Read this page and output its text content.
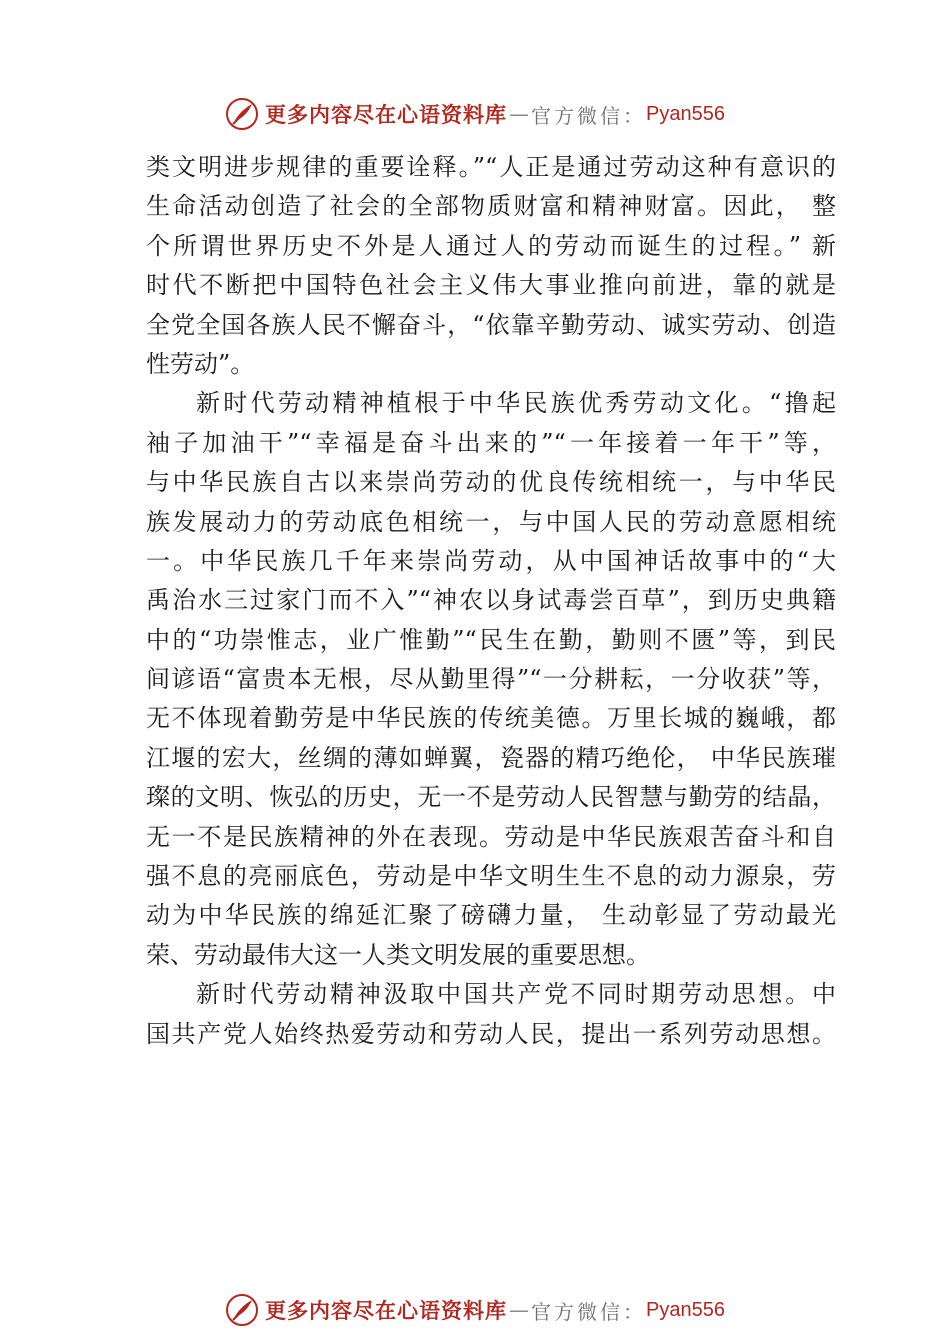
更多内容尽在心语资料库 — 官方微信： Pyan556
类文明进步规律的重要诠释。”“人正是通过劳动这种有意识的
生命活动创造了社会的全部物质财富和精神财富。因此， 整
个所谓世界历史不外是人通过人的劳动而诞生的过程。” 新
时代不断把中国特色社会主义伟大事业推向前进，靠的就是
全党全国各族人民不懈奋斗，“依靠辛勤劳动、诚实劳动、创造
性劳动”。
新时代劳动精神植根于中华民族优秀劳动文化。“撸起
袖子加油干”“幸福是奋斗出来的”“一年接着一年干”等，
与中华民族自古以来崇尚劳动的优良传统相统一，与中华民
族发展动力的劳动底色相统一，与中国人民的劳动意愿相统
一。中华民族几千年来崇尚劳动，从中国神话故事中的“大
禹治水三过家门而不入”“神农以身试毒尝百草”，到历史典籍
中的“功崇惟志，业广惟勤”“民生在勤，勤则不匮”等，到民
间谚语“富贵本无根，尽从勤里得”“一分耕耘，一分收获”等，
无不体现着勤劳是中华民族的传统美德。万里长城的巍峨，都
江堰的宏大，丝绸的薄如蝉翼，瓷器的精巧绝伦， 中华民族璀
璨的文明、恢弘的历史，无一不是劳动人民智慧与勤劳的结晶，
无一不是民族精神的外在表现。劳动是中华民族艰苦奋斗和自
强不息的亮丽底色，劳动是中华文明生生不息的动力源泉，劳
动为中华民族的绵延汇聚了磅礴力量， 生动彰显了劳动最光
荣、劳动最伟大这一人类文明发展的重要思想。
新时代劳动精神汲取中国共产党不同时期劳动思想。中
国共产党人始终热爱劳动和劳动人民，提出一系列劳动思想。
更多内容尽在心语资料库 — 官方微信： Pyan556
